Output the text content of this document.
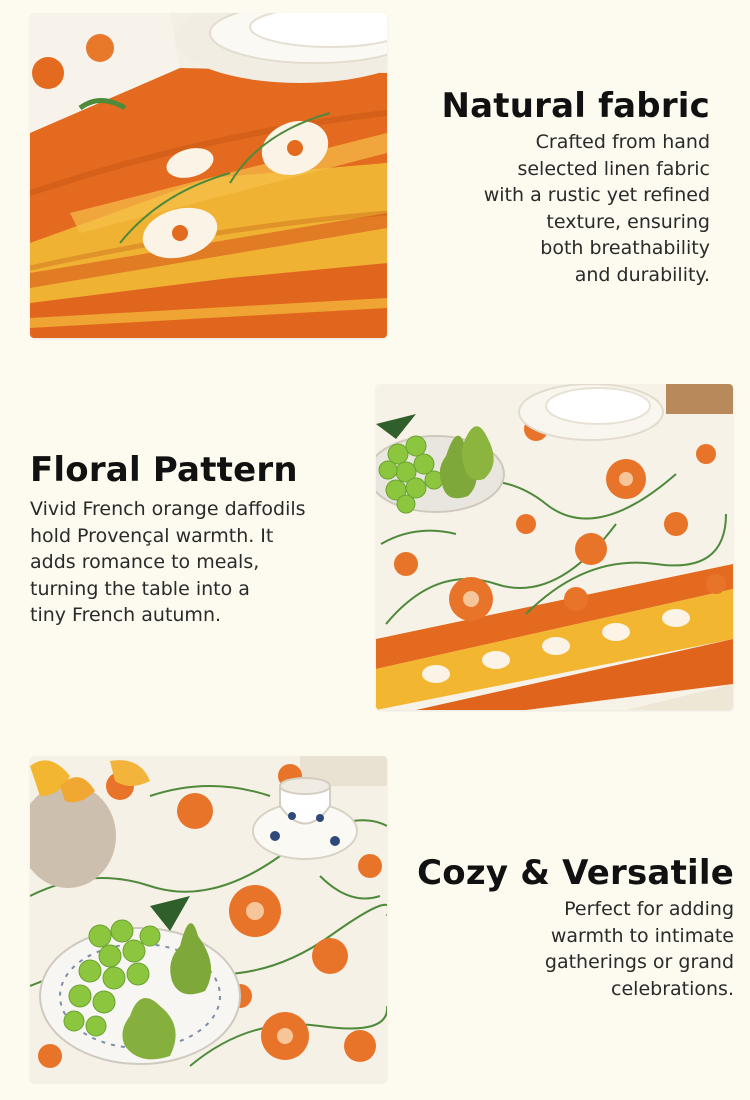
Natural fabric
Crafted from hand
selected linen fabric
with a rustic yet refined
texture, ensuring
both breathability
and durability.
Floral Pattern
Vivid French orange daffodils
hold Provençal warmth. It
adds romance to meals,
turning the table into a
tiny French autumn.
Cozy & Versatile
Perfect for adding
warmth to intimate
gatherings or grand
celebrations.
